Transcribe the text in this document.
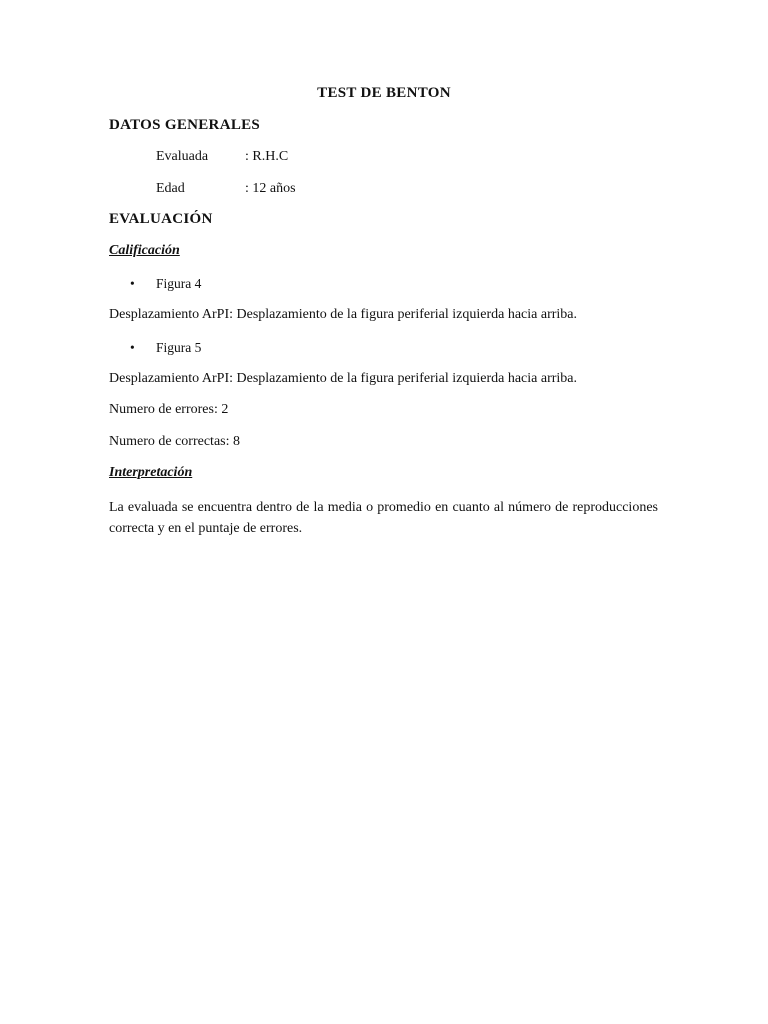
TEST DE BENTON
DATOS GENERALES
Evaluada	: R.H.C
Edad	: 12 años
EVALUACIÓN
Calificación
• Figura 4
Desplazamiento ArPI: Desplazamiento de la figura periferial izquierda hacia arriba.
• Figura 5
Desplazamiento ArPI: Desplazamiento de la figura periferial izquierda hacia arriba.
Numero de errores: 2
Numero de correctas: 8
Interpretación
La evaluada se encuentra dentro de la media o promedio en cuanto al número de reproducciones correcta y en el puntaje de errores.
